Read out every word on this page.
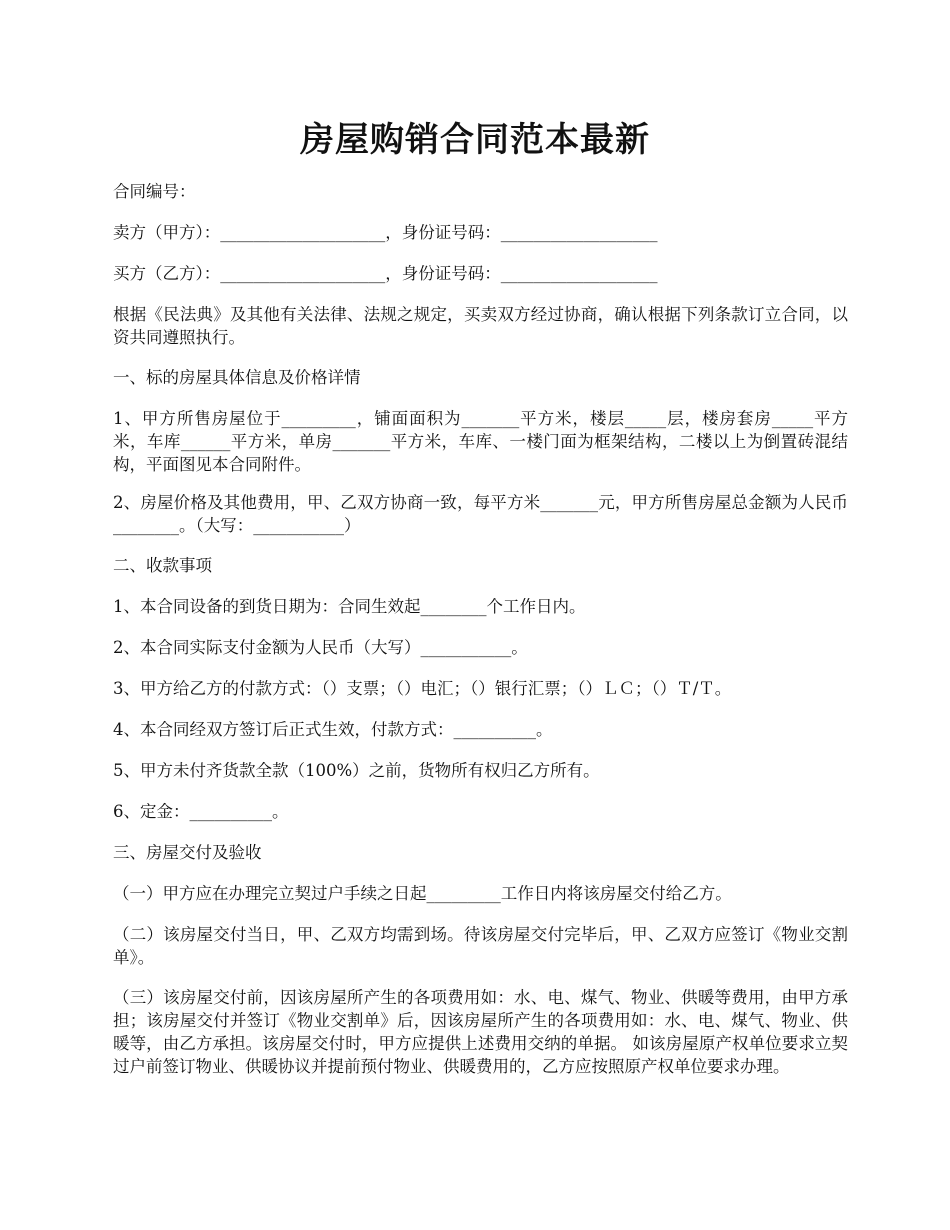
房屋购销合同范本最新

合同编号：

卖方（甲方）：____________________，身份证号码：___________________

买方（乙方）：____________________，身份证号码：___________________

根据《民法典》及其他有关法律、法规之规定，买卖双方经过协商，确认根据下列条款订立合同，以资共同遵照执行。

一、标的房屋具体信息及价格详情

1、甲方所售房屋位于_________，铺面面积为_______平方米，楼层_____层，楼房套房_____平方米，车库______平方米，单房_______平方米，车库、一楼门面为框架结构，二楼以上为倒置砖混结构，平面图见本合同附件。

2、房屋价格及其他费用，甲、乙双方协商一致，每平方米_______元，甲方所售房屋总金额为人民币________。（大写：___________）

二、收款事项

1、本合同设备的到货日期为：合同生效起________个工作日内。

2、本合同实际支付金额为人民币（大写）___________。

3、甲方给乙方的付款方式：（）支票；（）电汇；（）银行汇票；（）ＬＣ；（）Ｔ/Ｔ。

4、本合同经双方签订后正式生效，付款方式：__________。

5、甲方未付齐货款全款（100%）之前，货物所有权归乙方所有。

6、定金：__________。

三、房屋交付及验收

（一）甲方应在办理完立契过户手续之日起_________工作日内将该房屋交付给乙方。

（二）该房屋交付当日，甲、乙双方均需到场。待该房屋交付完毕后，甲、乙双方应签订《物业交割单》。

（三）该房屋交付前，因该房屋所产生的各项费用如：水、电、煤气、物业、供暖等费用，由甲方承担；该房屋交付并签订《物业交割单》后，因该房屋所产生的各项费用如：水、电、煤气、物业、供暖等，由乙方承担。该房屋交付时，甲方应提供上述费用交纳的单据。 如该房屋原产权单位要求立契过户前签订物业、供暖协议并提前预付物业、供暖费用的，乙方应按照原产权单位要求办理。
